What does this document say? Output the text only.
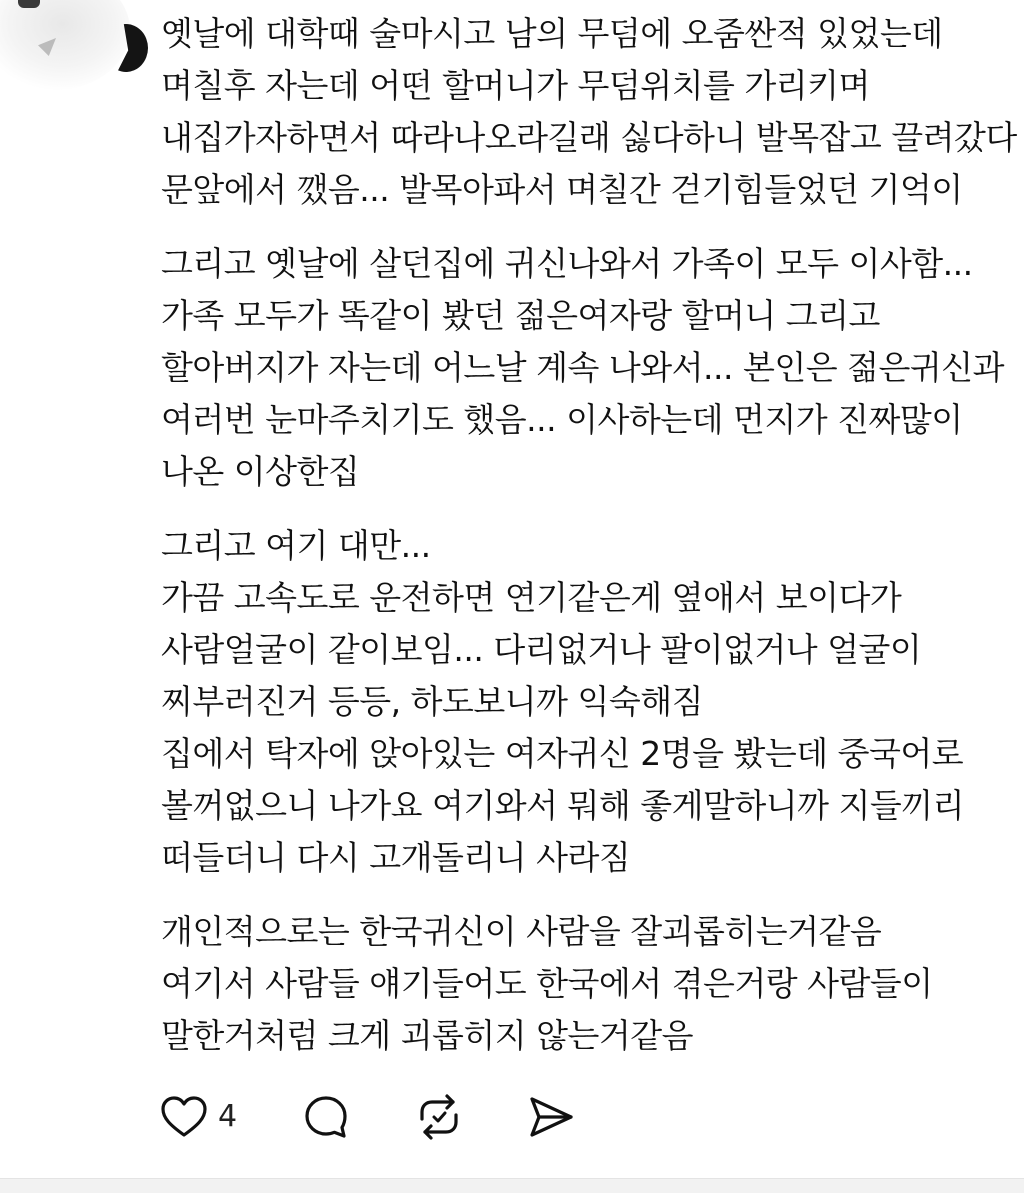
옛날에 대학때 술마시고 남의 무덤에 오줌싼적 있었는데
며칠후 자는데 어떤 할머니가 무덤위치를 가리키며
내집가자하면서 따라나오라길래 싫다하니 발목잡고 끌려갔다
문앞에서 깼음... 발목아파서 며칠간 걷기힘들었던 기억이
그리고 옛날에 살던집에 귀신나와서 가족이 모두 이사함...
가족 모두가 똑같이 봤던 젊은여자랑 할머니 그리고
할아버지가 자는데 어느날 계속 나와서... 본인은 젊은귀신과
여러번 눈마주치기도 했음... 이사하는데 먼지가 진짜많이
나온 이상한집
그리고 여기 대만...
가끔 고속도로 운전하면 연기같은게 옆애서 보이다가
사람얼굴이 같이보임... 다리없거나 팔이없거나 얼굴이
찌부러진거 등등, 하도보니까 익숙해짐
집에서 탁자에 앉아있는 여자귀신 2명을 봤는데 중국어로
볼꺼없으니 나가요 여기와서 뭐해 좋게말하니까 지들끼리
떠들더니 다시 고개돌리니 사라짐
개인적으로는 한국귀신이 사람을 잘괴롭히는거같음
여기서 사람들 얘기들어도 한국에서 겪은거랑 사람들이
말한거처럼 크게 괴롭히지 않는거같음
4
